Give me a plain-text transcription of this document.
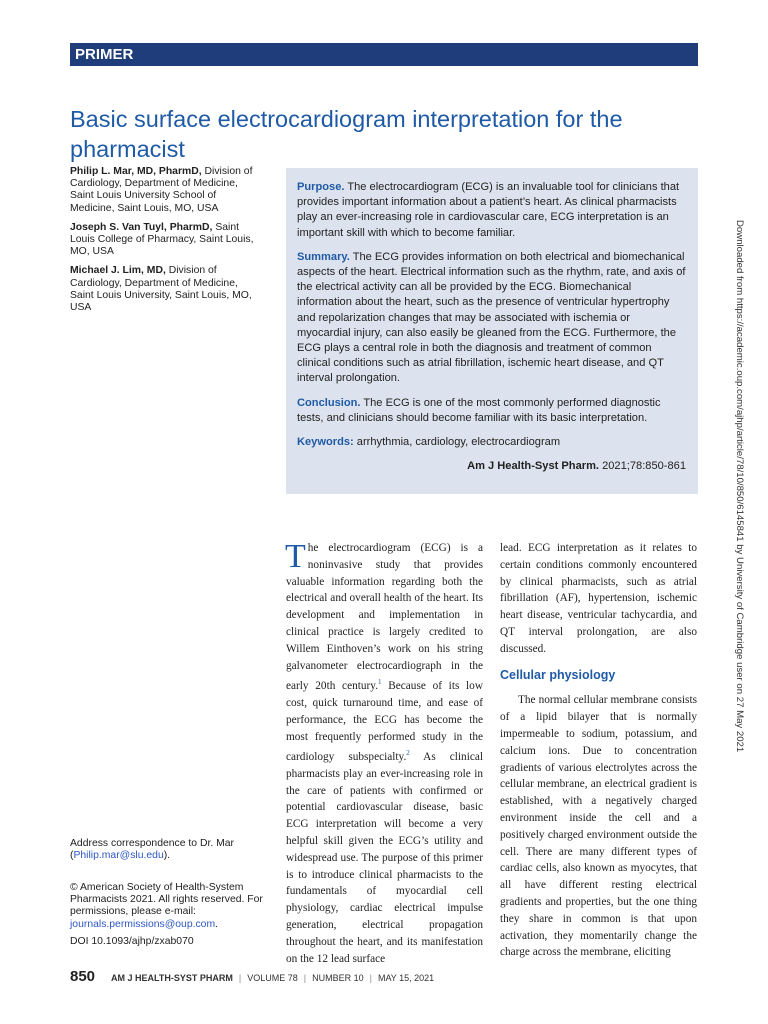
PRIMER
Basic surface electrocardiogram interpretation for the pharmacist
Philip L. Mar, MD, PharmD, Division of Cardiology, Department of Medicine, Saint Louis University School of Medicine, Saint Louis, MO, USA
Joseph S. Van Tuyl, PharmD, Saint Louis College of Pharmacy, Saint Louis, MO, USA
Michael J. Lim, MD, Division of Cardiology, Department of Medicine, Saint Louis University, Saint Louis, MO, USA
Address correspondence to Dr. Mar (Philip.mar@slu.edu).
© American Society of Health-System Pharmacists 2021. All rights reserved. For permissions, please e-mail: journals.permissions@oup.com.
DOI 10.1093/ajhp/zxab070

Purpose. The electrocardiogram (ECG) is an invaluable tool for clinicians that provides important information about a patient’s heart. As clinical pharmacists play an ever-increasing role in cardiovascular care, ECG interpretation is an important skill with which to become familiar.

Summary. The ECG provides information on both electrical and biomechanical aspects of the heart. Electrical information such as the rhythm, rate, and axis of the electrical activity can all be provided by the ECG. Biomechanical information about the heart, such as the presence of ventricular hypertrophy and repolarization changes that may be associated with ischemia or myocardial injury, can also easily be gleaned from the ECG. Furthermore, the ECG plays a central role in both the diagnosis and treatment of common clinical conditions such as atrial fibrillation, ischemic heart disease, and QT interval prolongation.

Conclusion. The ECG is one of the most commonly performed diagnostic tests, and clinicians should become familiar with its basic interpretation.

Keywords: arrhythmia, cardiology, electrocardiogram

Am J Health-Syst Pharm. 2021;78:850-861

The electrocardiogram (ECG) is a noninvasive study that provides valuable information regarding both the electrical and overall health of the heart. Its development and implementation in clinical practice is largely credited to Willem Einthoven’s work on his string galvanometer electrocardiograph in the early 20th century.$^1$ Because of its low cost, quick turnaround time, and ease of performance, the ECG has become the most frequently performed study in the cardiology subspecialty.$^2$ As clinical pharmacists play an ever-increasing role in the care of patients with confirmed or potential cardiovascular disease, basic ECG interpretation will become a very helpful skill given the ECG’s utility and widespread use. The purpose of this primer is to introduce clinical pharmacists to the fundamentals of myocardial cell physiology, cardiac electrical impulse generation, electrical propagation throughout the heart, and its manifestation on the 12 lead surface

lead. ECG interpretation as it relates to certain conditions commonly encountered by clinical pharmacists, such as atrial fibrillation (AF), hypertension, ischemic heart disease, ventricular tachycardia, and QT interval prolongation, are also discussed.

Cellular physiology

The normal cellular membrane consists of a lipid bilayer that is normally impermeable to sodium, potassium, and calcium ions. Due to concentration gradients of various electrolytes across the cellular membrane, an electrical gradient is established, with a negatively charged environment inside the cell and a positively charged environment outside the cell. There are many different types of cardiac cells, also known as myocytes, that all have different resting electrical gradients and properties, but the one thing they share in common is that upon activation, they momentarily change the charge across the membrane, eliciting

Downloaded from https://academic.oup.com/ajhp/article/78/10/850/6145841 by University of Cambridge user on 27 May 2021
850 AM J HEALTH-SYST PHARM | VOLUME 78 | NUMBER 10 | MAY 15, 2021
